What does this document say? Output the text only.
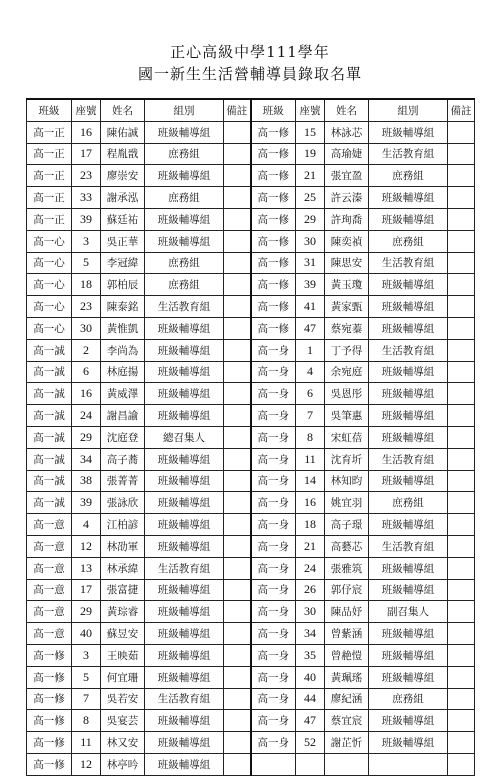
正心高級中學111學年
國一新生生活營輔導員錄取名單
班級	座號	姓名	組別	備註	班級	座號	姓名	組別	備註
高一正	16	陳佑誠	班級輔導組		高一修	15	林詠芯	班級輔導組	
高一正	17	程胤戩	庶務組		高一修	19	高瑜婕	生活教育組	
高一正	23	廖崇安	班級輔導組		高一修	21	張宜盈	庶務組	
高一正	33	謝承泓	庶務組		高一修	25	許云溱	班級輔導組	
高一正	39	蘇廷祐	班級輔導組		高一修	29	許珣喬	班級輔導組	
高一心	3	吳正華	班級輔導組		高一修	30	陳奕禎	庶務組	
高一心	5	李冠緯	庶務組		高一修	31	陳思安	生活教育組	
高一心	18	郭柏辰	庶務組		高一修	39	黃玉瓊	班級輔導組	
高一心	23	陳泰銘	生活教育組		高一修	41	黃家甄	班級輔導組	
高一心	30	黃惟凱	班級輔導組		高一修	47	蔡宛蓁	班級輔導組	
高一誠	2	李尚為	班級輔導組		高一身	1	丁予得	生活教育組	
高一誠	6	林庭揚	班級輔導組		高一身	4	余宛庭	班級輔導組	
高一誠	16	黃威澤	班級輔導組		高一身	6	吳恩彤	班級輔導組	
高一誠	24	謝昌諭	班級輔導組		高一身	7	吳筆惠	班級輔導組	
高一誠	29	沈庭登	總召集人		高一身	8	宋虹蓓	班級輔導組	
高一誠	34	高子蕎	班級輔導組		高一身	11	沈育圻	生活教育組	
高一誠	38	張菁菁	班級輔導組		高一身	14	林知昀	班級輔導組	
高一誠	39	張詠欣	班級輔導組		高一身	16	姚宜羽	庶務組	
高一意	4	江柏諺	班級輔導組		高一身	18	高子璟	班級輔導組	
高一意	12	林劭軍	班級輔導組		高一身	21	高藝芯	生活教育組	
高一意	13	林承緯	生活教育組		高一身	24	張雅筑	班級輔導組	
高一意	17	張富捷	班級輔導組		高一身	26	郭伃宸	班級輔導組	
高一意	29	黃琮睿	班級輔導組		高一身	30	陳品妤	副召集人	
高一意	40	蘇昱安	班級輔導組		高一身	34	曾紫涵	班級輔導組	
高一修	3	王映茹	班級輔導組		高一身	35	曾赩愷	班級輔導組	
高一修	5	何宜珊	班級輔導組		高一身	40	黃珮瑤	班級輔導組	
高一修	7	吳若安	生活教育組		高一身	44	廖紀涵	庶務組	
高一修	8	吳宴芸	班級輔導組		高一身	47	蔡宜宸	班級輔導組	
高一修	11	林又安	班級輔導組		高一身	52	謝芷忻	班級輔導組	
高一修	12	林亭吟	班級輔導組						
